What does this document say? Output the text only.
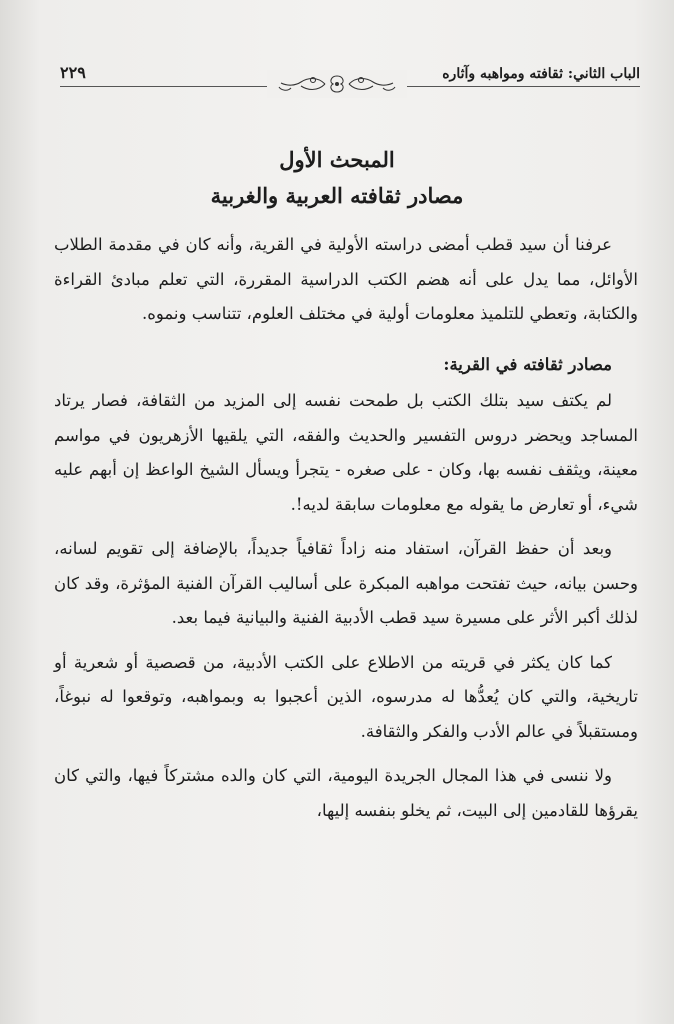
الباب الثاني: ثقافته ومواهبه وآثاره
٢٢٩
المبحث الأول
مصادر ثقافته العربية والغربية

عرفنا أن سيد قطب أمضى دراسته الأولية في القرية، وأنه كان في مقدمة الطلاب الأوائل، مما يدل على أنه هضم الكتب الدراسية المقررة، التي تعلم مبادئ القراءة والكتابة، وتعطي للتلميذ معلومات أولية في مختلف العلوم، تتناسب ونموه.

مصادر ثقافته في القرية:

لم يكتف سيد بتلك الكتب بل طمحت نفسه إلى المزيد من الثقافة، فصار يرتاد المساجد ويحضر دروس التفسير والحديث والفقه، التي يلقيها الأزهريون في مواسم معينة، ويثقف نفسه بها، وكان - على صغره - يتجرأ ويسأل الشيخ الواعظ إن أبهم عليه شيء، أو تعارض ما يقوله مع معلومات سابقة لديه!.

وبعد أن حفظ القرآن، استفاد منه زاداً ثقافياً جديداً، بالإضافة إلى تقويم لسانه، وحسن بيانه، حيث تفتحت مواهبه المبكرة على أساليب القرآن الفنية المؤثرة، وقد كان لذلك أكبر الأثر على مسيرة سيد قطب الأدبية الفنية والبيانية فيما بعد.

كما كان يكثر في قريته من الاطلاع على الكتب الأدبية، من قصصية أو شعرية أو تاريخية، والتي كان يُعدُّها له مدرسوه، الذين أعجبوا به وبمواهبه، وتوقعوا له نبوغاً، ومستقبلاً في عالم الأدب والفكر والثقافة.

ولا ننسى في هذا المجال الجريدة اليومية، التي كان والده مشتركاً فيها، والتي كان يقرؤها للقادمين إلى البيت، ثم يخلو بنفسه إليها،
